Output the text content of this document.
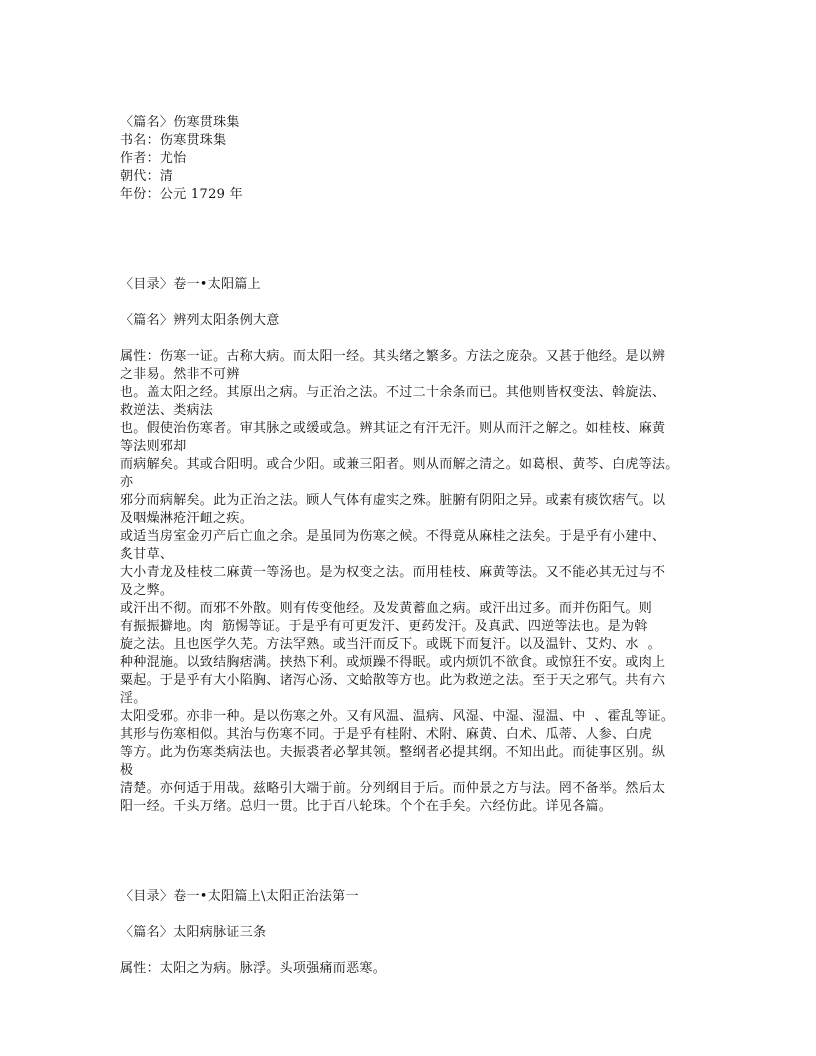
〈篇名〉伤寒贯珠集
书名：伤寒贯珠集
作者：尤怡
朝代：清
年份：公元 1729 年
〈目录〉卷一•太阳篇上
〈篇名〉辨列太阳条例大意
属性：伤寒一证。古称大病。而太阳一经。其头绪之繁多。方法之庞杂。又甚于他经。是以辨
之非易。然非不可辨
也。盖太阳之经。其原出之病。与正治之法。不过二十余条而已。其他则皆权变法、斡旋法、
救逆法、类病法
也。假使治伤寒者。审其脉之或缓或急。辨其证之有汗无汗。则从而汗之解之。如桂枝、麻黄
等法则邪却
而病解矣。其或合阳明。或合少阳。或兼三阳者。则从而解之清之。如葛根、黄芩、白虎等法。
亦
邪分而病解矣。此为正治之法。顾人气体有虚实之殊。脏腑有阴阳之异。或素有痰饮痞气。以
及咽燥淋疮汗衄之疾。
或适当房室金刃产后亡血之余。是虽同为伤寒之候。不得竟从麻桂之法矣。于是乎有小建中、
炙甘草、
大小青龙及桂枝二麻黄一等汤也。是为权变之法。而用桂枝、麻黄等法。又不能必其无过与不
及之弊。
或汗出不彻。而邪不外散。则有传变他经。及发黄蓄血之病。或汗出过多。而并伤阳气。则
有振振擗地。肉  筋惕等证。于是乎有可更发汗、更药发汗。及真武、四逆等法也。是为斡
旋之法。且也医学久芜。方法罕熟。或当汗而反下。或既下而复汗。以及温针、艾灼、水  。
种种混施。以致结胸痞满。挟热下利。或烦躁不得眠。或内烦饥不欲食。或惊狂不安。或肉上
粟起。于是乎有大小陷胸、诸泻心汤、文蛤散等方也。此为救逆之法。至于天之邪气。共有六
淫。
太阳受邪。亦非一种。是以伤寒之外。又有风温、温病、风湿、中湿、湿温、中  、霍乱等证。
其形与伤寒相似。其治与伤寒不同。于是乎有桂附、术附、麻黄、白术、瓜蒂、人参、白虎
等方。此为伤寒类病法也。夫振裘者必挈其领。整纲者必提其纲。不知出此。而徒事区别。纵
极
清楚。亦何适于用哉。兹略引大端于前。分列纲目于后。而仲景之方与法。罔不备举。然后太
阳一经。千头万绪。总归一贯。比于百八轮珠。个个在手矣。六经仿此。详见各篇。
〈目录〉卷一•太阳篇上\太阳正治法第一
〈篇名〉太阳病脉证三条
属性：太阳之为病。脉浮。头项强痛而恶寒。
